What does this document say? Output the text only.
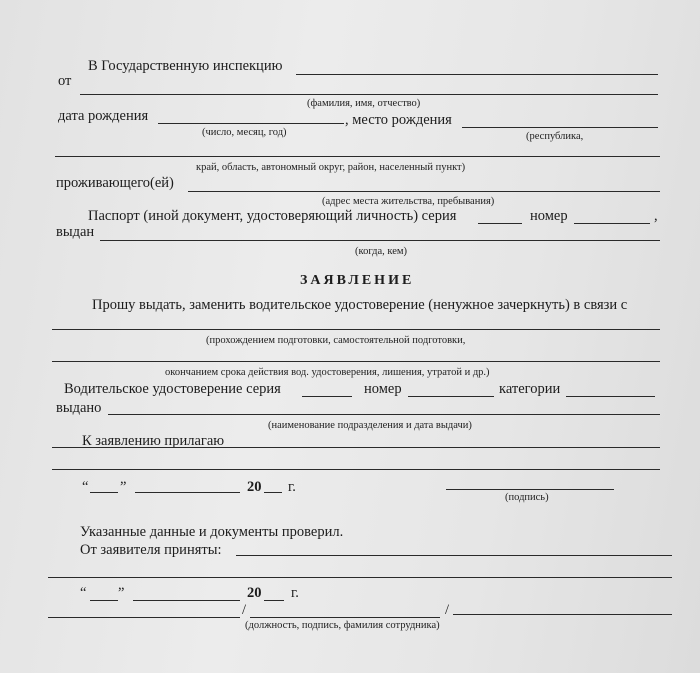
В Государственную инспекцию
от
(фамилия, имя, отчество)
дата рождения	, место рождения
(число, месяц, год)	(республика,
край, область, автономный округ, район, населенный пункт)
проживающего(ей)
(адрес места жительства, пребывания)
Паспорт (иной документ, удостоверяющий личность) серия	номер	,
выдан
(когда, кем)
ЗАЯВЛЕНИЕ
Прошу выдать, заменить водительское удостоверение (ненужное зачеркнуть) в связи с
(прохождением подготовки, самостоятельной подготовки,
окончанием срока действия вод. удостоверения, лишения, утратой и др.)
Водительское удостоверение серия	номер	категории
выдано
(наименование подразделения и дата выдачи)
К заявлению прилагаю
“ ”	20 г.
(подпись)
Указанные данные и документы проверил.
От заявителя приняты:
“ ”	20 г.
/	/
(должность, подпись, фамилия сотрудника)
